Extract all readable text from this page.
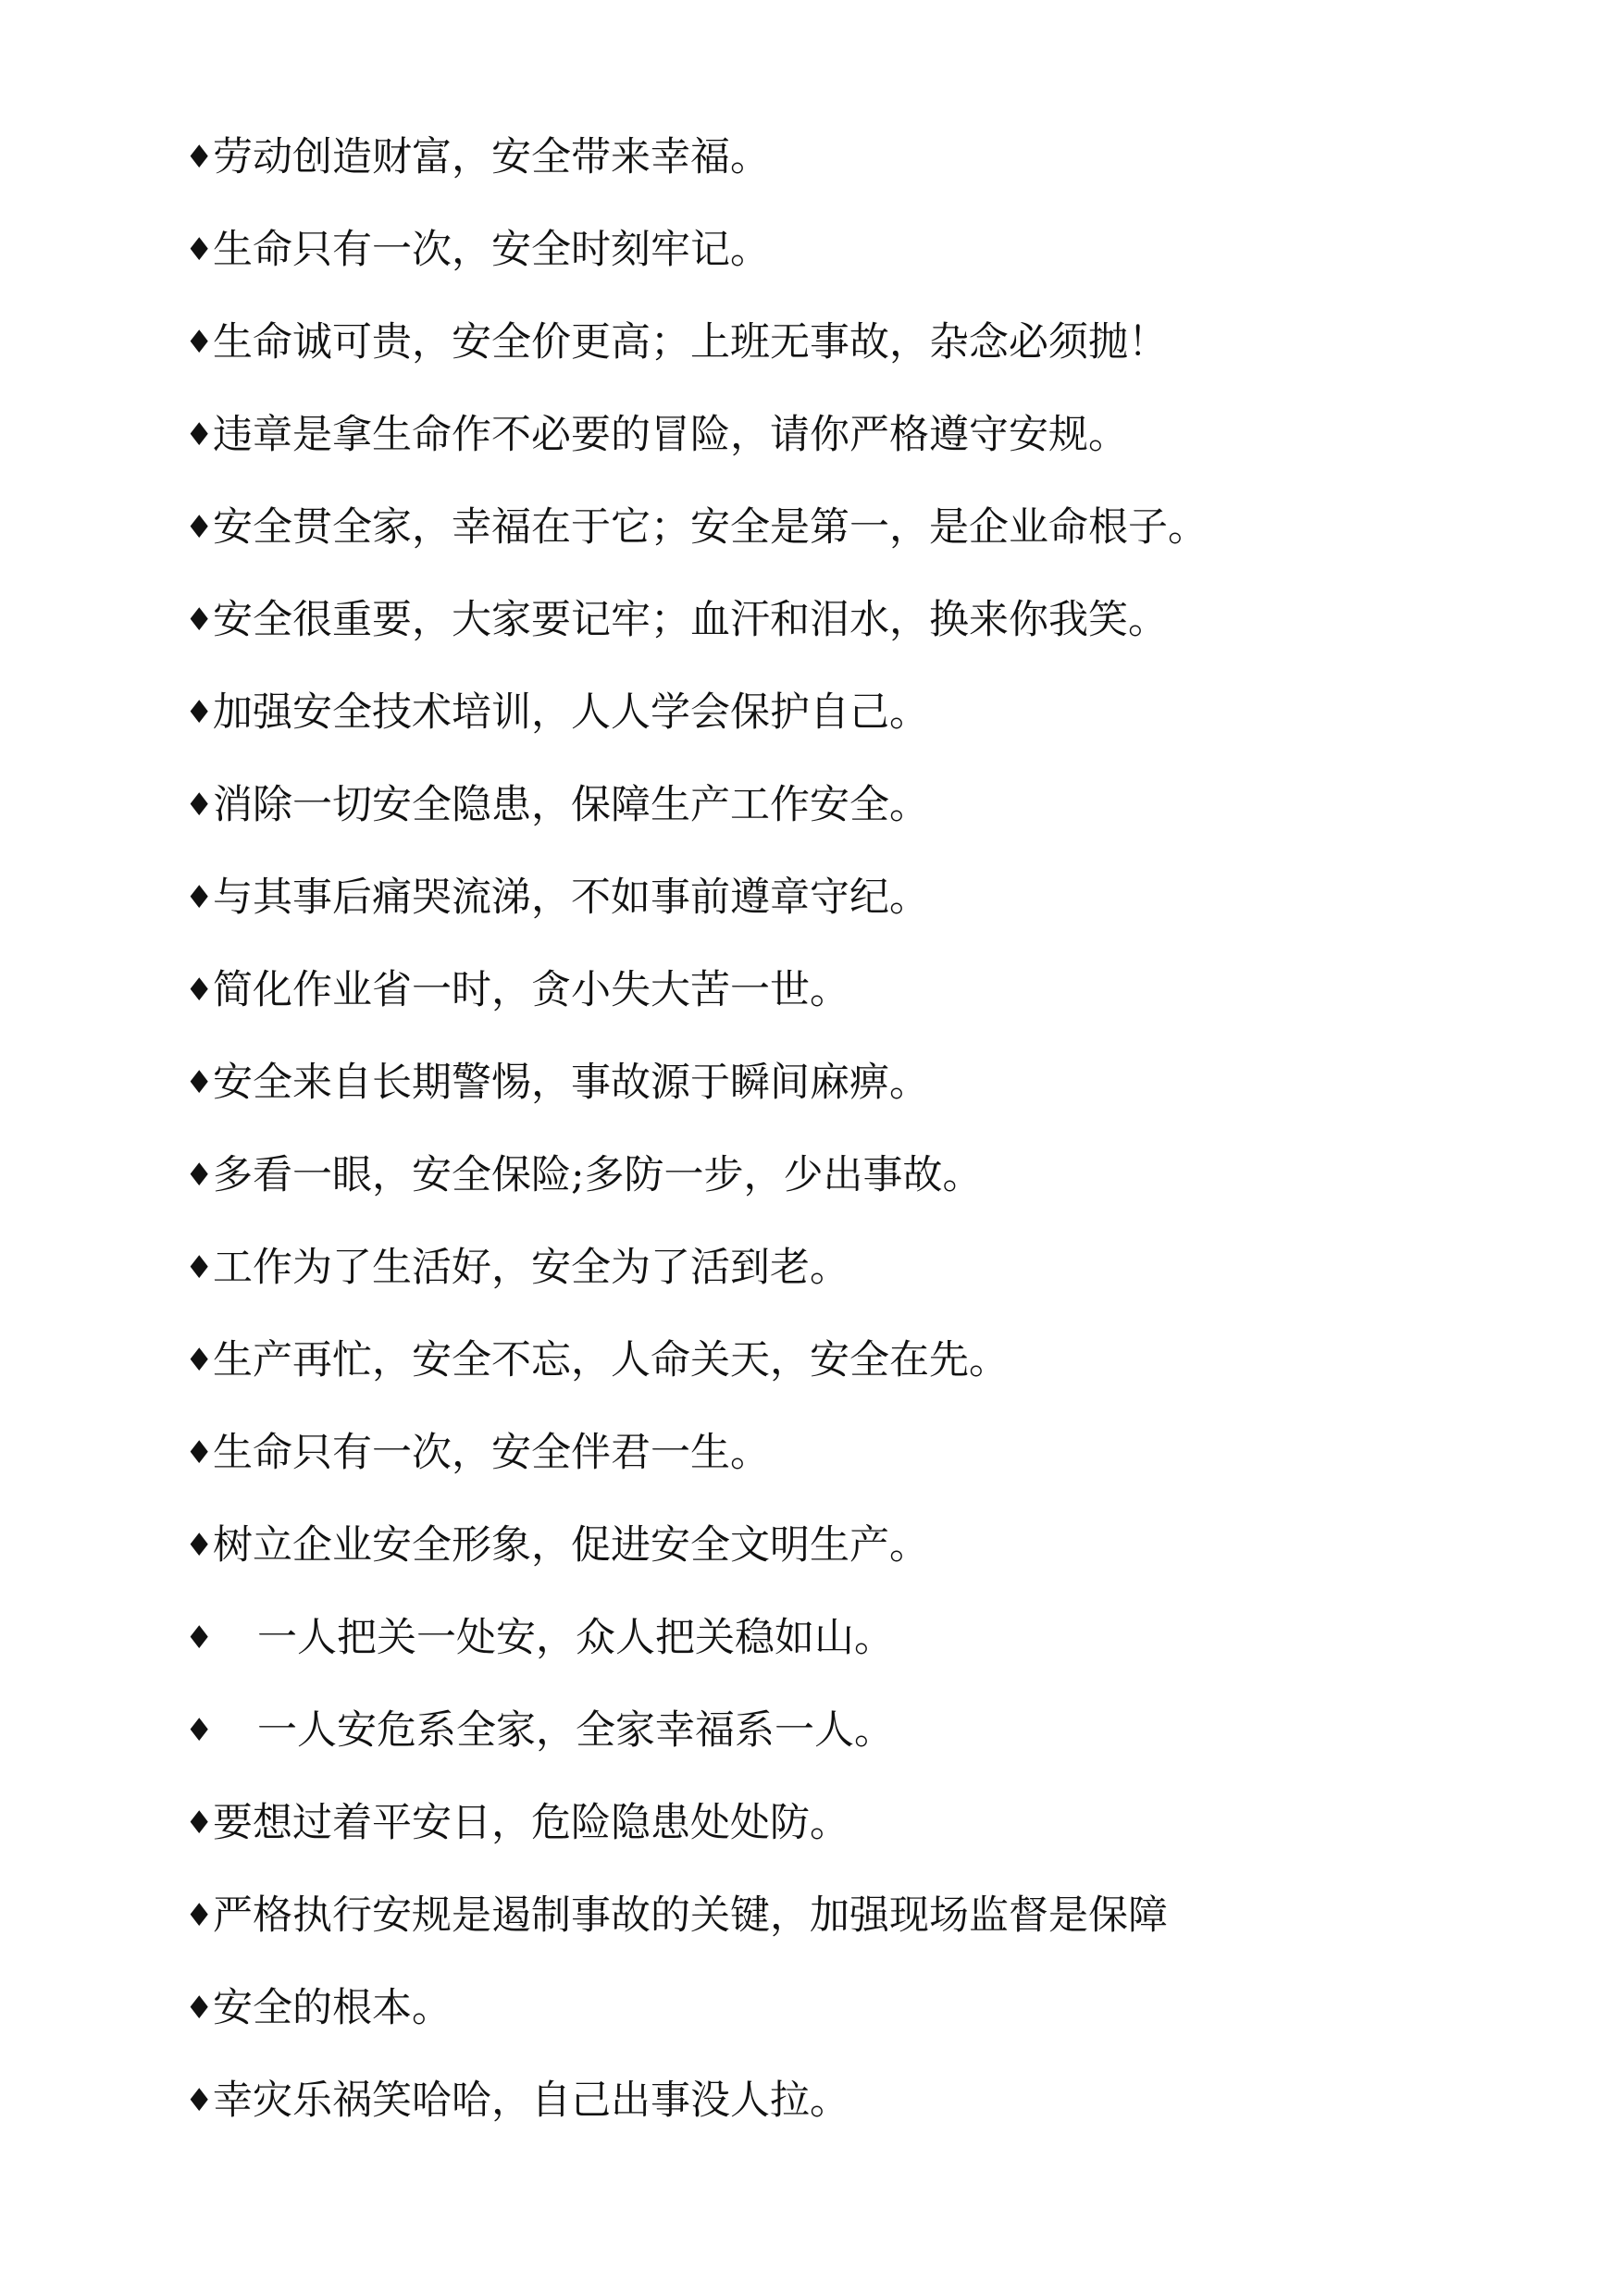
♦ 劳动创造财富，安全带来幸福。
♦ 生命只有一次，安全时刻牢记。
♦ 生命诚可贵，安全价更高；上班无事故，杂念必须抛！
♦ 违章是拿生命作不必要的冒险，请你严格遵守安规。
♦ 安全贯全家，幸福在于它；安全是第一，是企业命根子。
♦ 安全很重要，大家要记牢；血汗和泪水，换来你我笑。
♦ 加强安全技术培训，人人学会保护自己。
♦ 消除一切安全隐患，保障生产工作安全。
♦ 与其事后痛哭流涕，不如事前遵章守纪。
♦ 简化作业省一时，贪小失大苦一世。
♦ 安全来自长期警惕，事故源于瞬间麻痹。
♦ 多看一眼，安全保险;多防一步，少出事故。
♦ 工作为了生活好，安全为了活到老。
♦ 生产再忙，安全不忘，人命关天，安全在先。
♦ 生命只有一次，安全伴君一生。
♦ 树立企业安全形象，促进安全文明生产。
♦	一人把关一处安，众人把关稳如山。
♦	一人安危系全家，全家幸福系一人。
♦ 要想过着平安日，危险隐患处处防。
♦ 严格执行安规是遏制事故的关键，加强现场监督是保障
♦ 安全的根本。
♦ 幸灾乐祸笑哈哈，自己出事没人拉。
